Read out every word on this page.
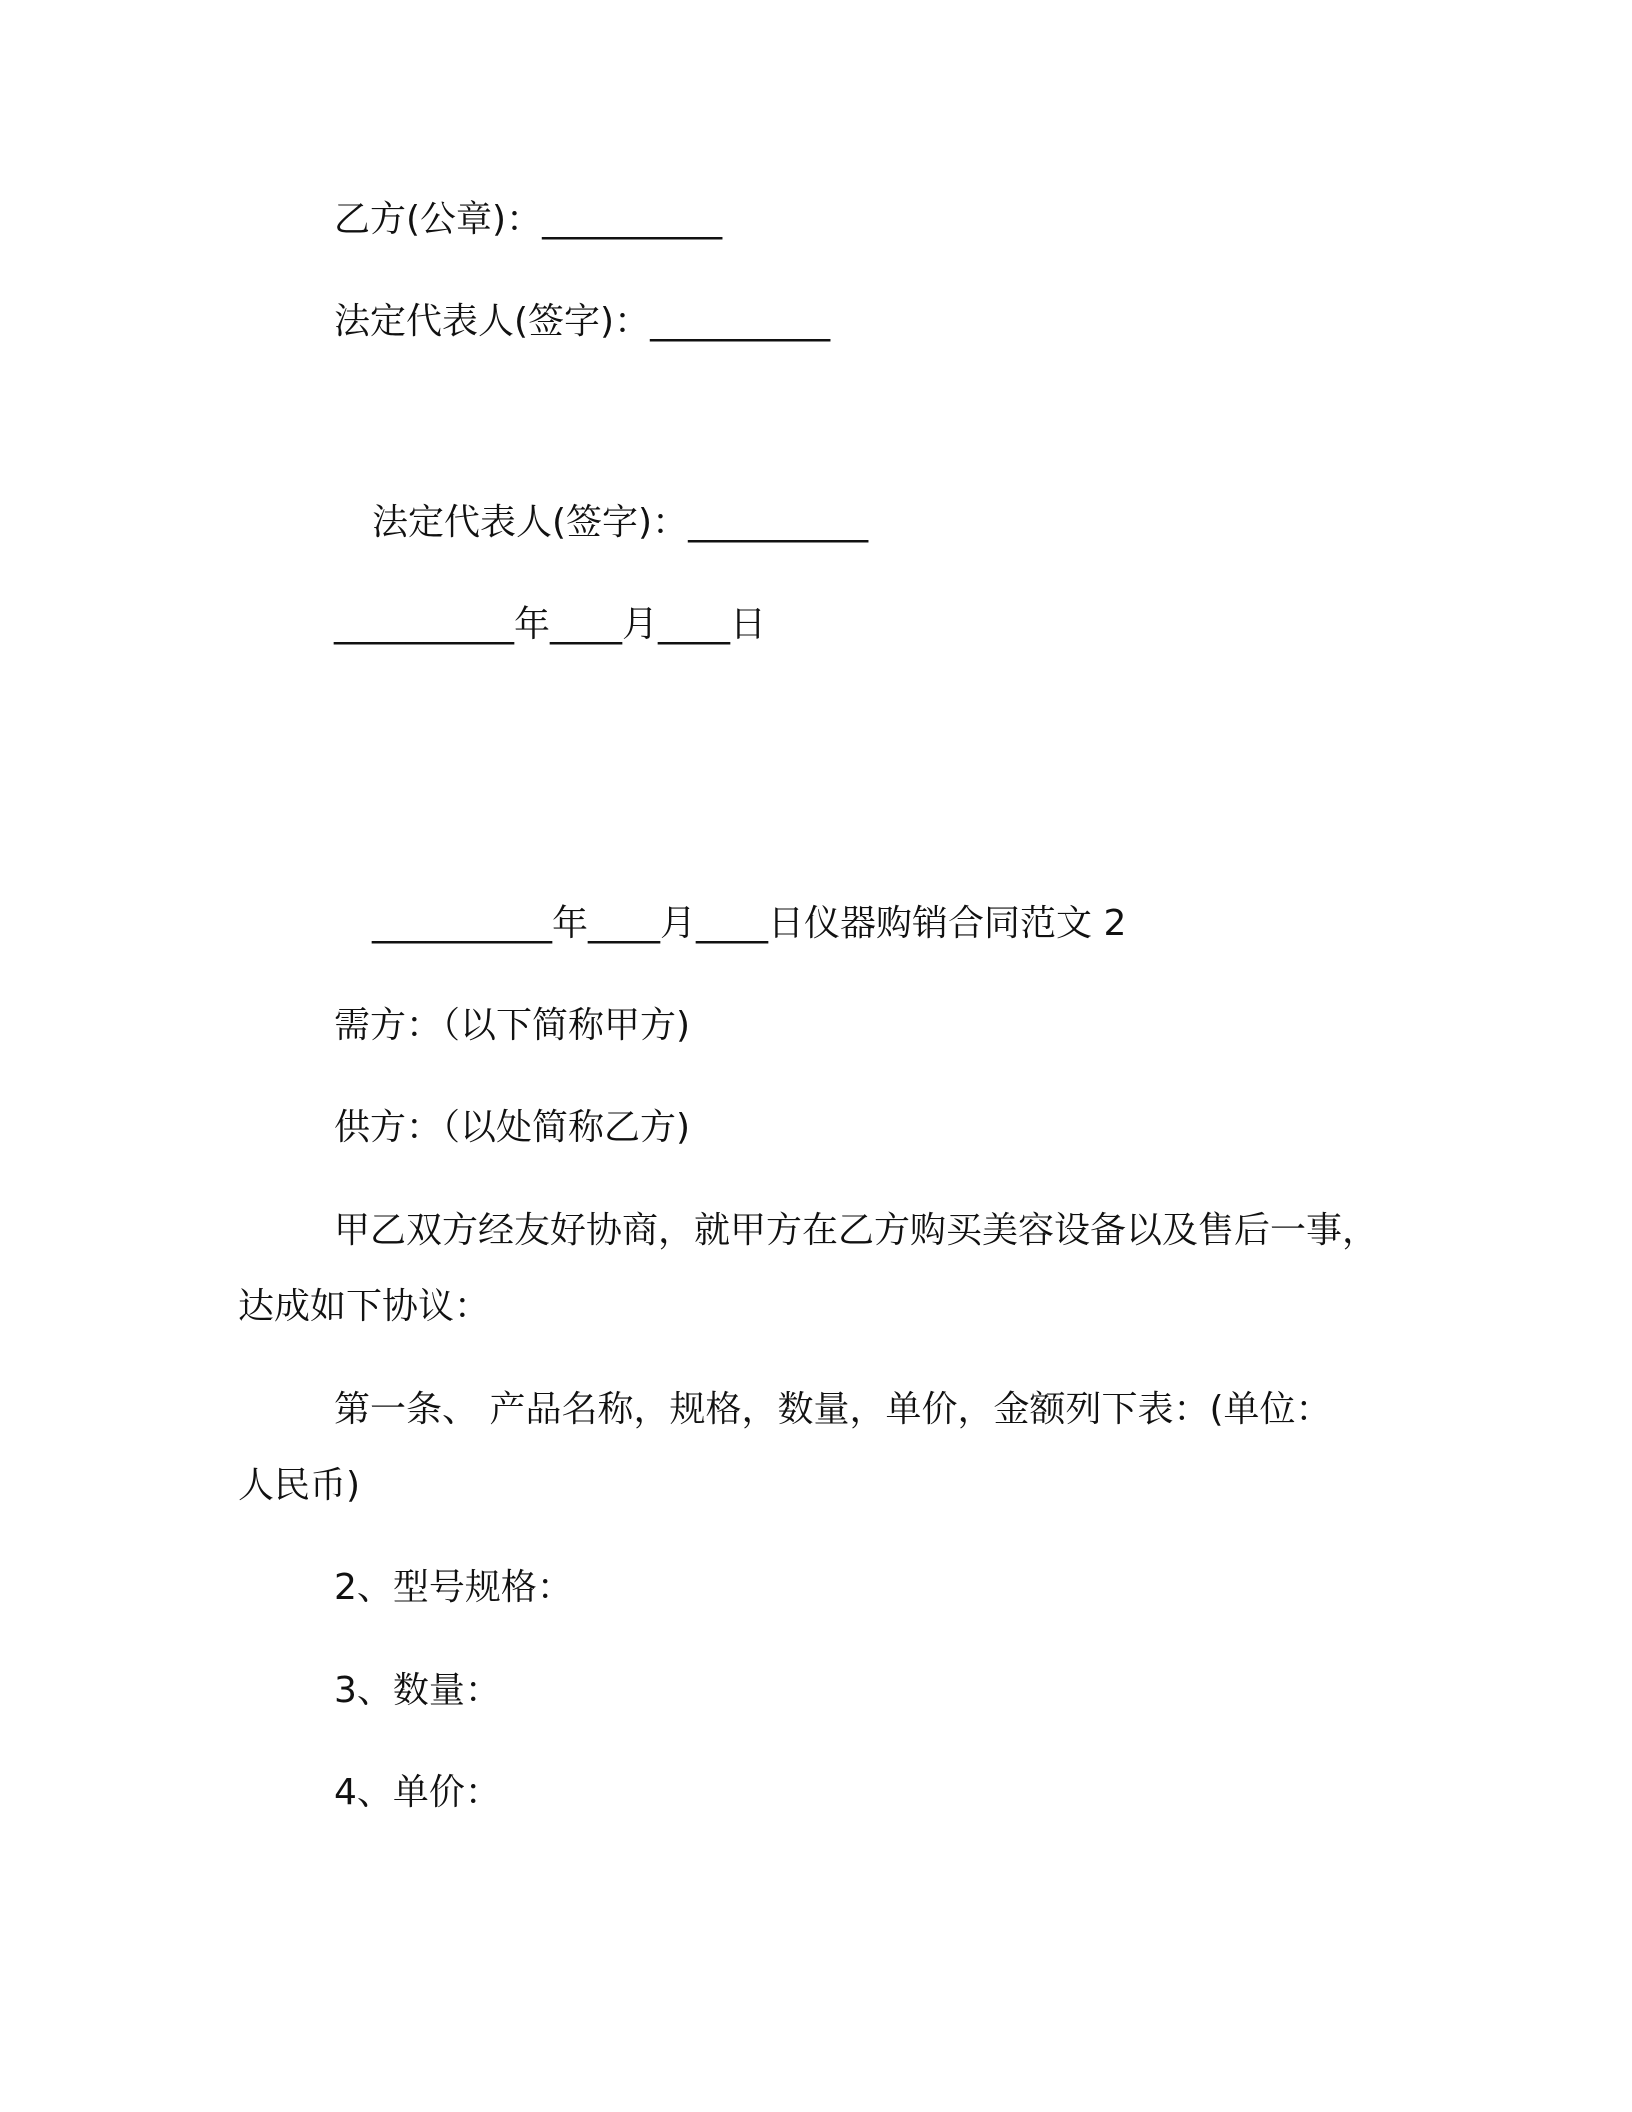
乙方(公章)：__________
法定代表人(签字)：__________
法定代表人(签字)：__________
__________年____月____日
__________年____月____日仪器购销合同范文 2
需方：（以下简称甲方)
供方：（以处简称乙方)
甲乙双方经友好协商，就甲方在乙方购买美容设备以及售后一事，
达成如下协议：
第一条、 产品名称，规格，数量，单价，金额列下表：(单位：
人民币)
2、型号规格：
3、数量：
4、单价：
